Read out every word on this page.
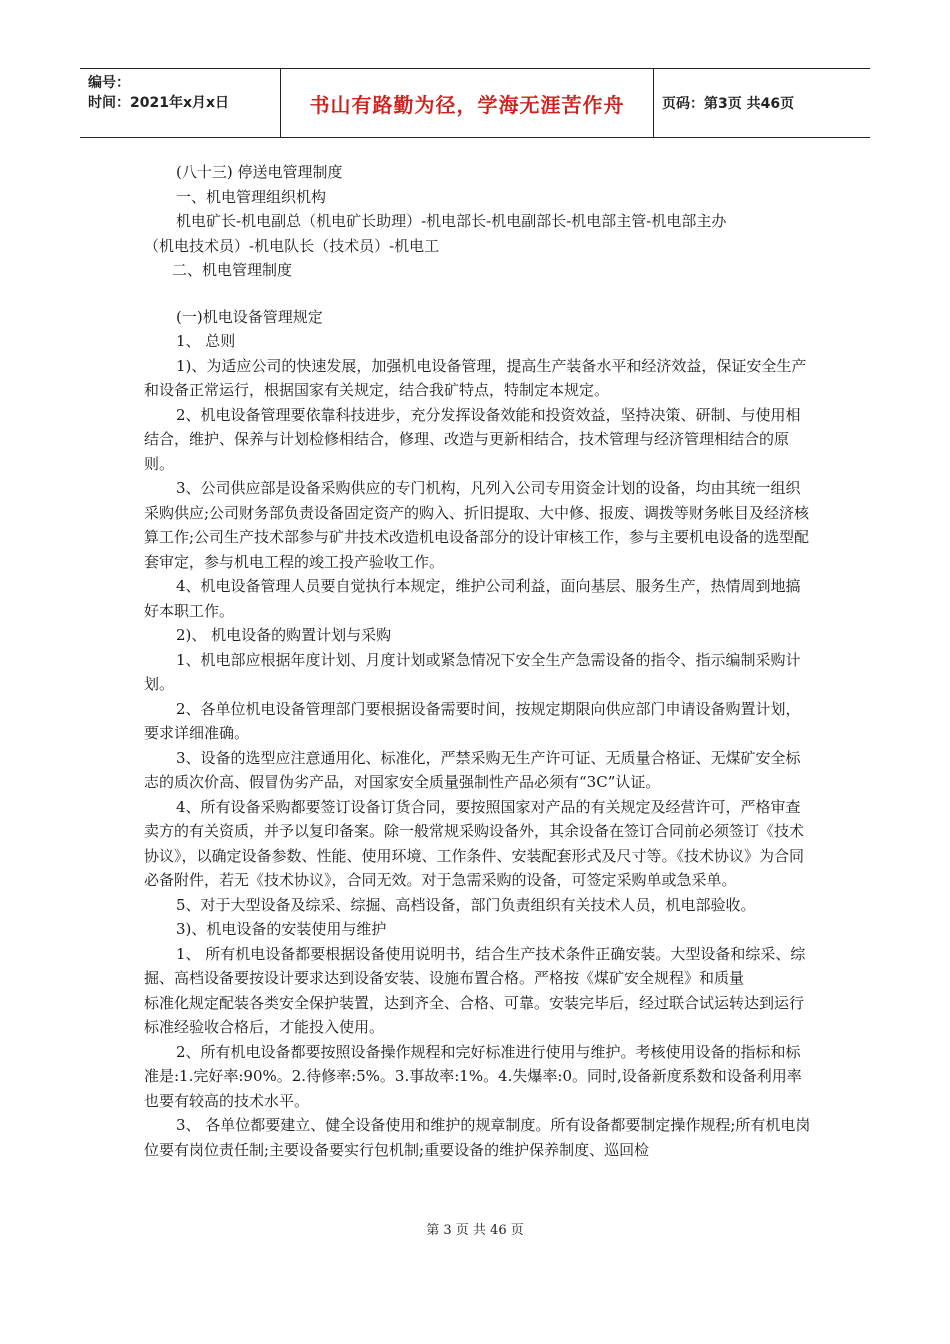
编号：
时间：2021年x月x日	书山有路勤为径，学海无涯苦作舟	页码：第3页 共46页

(八十三) 停送电管理制度

一、机电管理组织机构

机电矿长-机电副总（机电矿长助理）-机电部长-机电副部长-机电部主管-机电部主办

（机电技术员）-机电队长（技术员）-机电工

二、机电管理制度

(一)机电设备管理规定

1、 总则

1)、为适应公司的快速发展，加强机电设备管理，提高生产装备水平和经济效益，保证安全生产和设备正常运行，根据国家有关规定，结合我矿特点，特制定本规定。

2、机电设备管理要依靠科技进步，充分发挥设备效能和投资效益，坚持决策、研制、与使用相结合，维护、保养与计划检修相结合，修理、改造与更新相结合，技术管理与经济管理相结合的原则。

3、公司供应部是设备采购供应的专门机构，凡列入公司专用资金计划的设备，均由其统一组织采购供应;公司财务部负责设备固定资产的购入、折旧提取、大中修、报废、调拨等财务帐目及经济核算工作;公司生产技术部参与矿井技术改造机电设备部分的设计审核工作，参与主要机电设备的选型配套审定，参与机电工程的竣工投产验收工作。

4、机电设备管理人员要自觉执行本规定，维护公司利益，面向基层、服务生产，热情周到地搞好本职工作。

2)、 机电设备的购置计划与采购

1、机电部应根据年度计划、月度计划或紧急情况下安全生产急需设备的指令、指示编制采购计划。

2、各单位机电设备管理部门要根据设备需要时间，按规定期限向供应部门申请设备购置计划，要求详细准确。

3、设备的选型应注意通用化、标准化，严禁采购无生产许可证、无质量合格证、无煤矿安全标志的质次价高、假冒伪劣产品，对国家安全质量强制性产品必须有“3C”认证。

4、所有设备采购都要签订设备订货合同，要按照国家对产品的有关规定及经营许可，严格审查卖方的有关资质，并予以复印备案。除一般常规采购设备外，其余设备在签订合同前必须签订《技术协议》，以确定设备参数、性能、使用环境、工作条件、安装配套形式及尺寸等。《技术协议》为合同必备附件，若无《技术协议》，合同无效。对于急需采购的设备，可签定采购单或急采单。

5、对于大型设备及综采、综掘、高档设备，部门负责组织有关技术人员，机电部验收。

3)、机电设备的安装使用与维护

1、 所有机电设备都要根据设备使用说明书，结合生产技术条件正确安装。大型设备和综采、综掘、高档设备要按设计要求达到设备安装、设施布置合格。严格按《煤矿安全规程》和质量

标准化规定配装各类安全保护装置，达到齐全、合格、可靠。安装完毕后，经过联合试运转达到运行标准经验收合格后，才能投入使用。

2、所有机电设备都要按照设备操作规程和完好标准进行使用与维护。考核使用设备的指标和标准是:1.完好率:90%。2.待修率:5%。3.事故率:1%。4.失爆率:0。同时,设备新度系数和设备利用率也要有较高的技术水平。

3、 各单位都要建立、健全设备使用和维护的规章制度。所有设备都要制定操作规程;所有机电岗位要有岗位责任制;主要设备要实行包机制;重要设备的维护保养制度、巡回检

第 3 页 共 46 页
